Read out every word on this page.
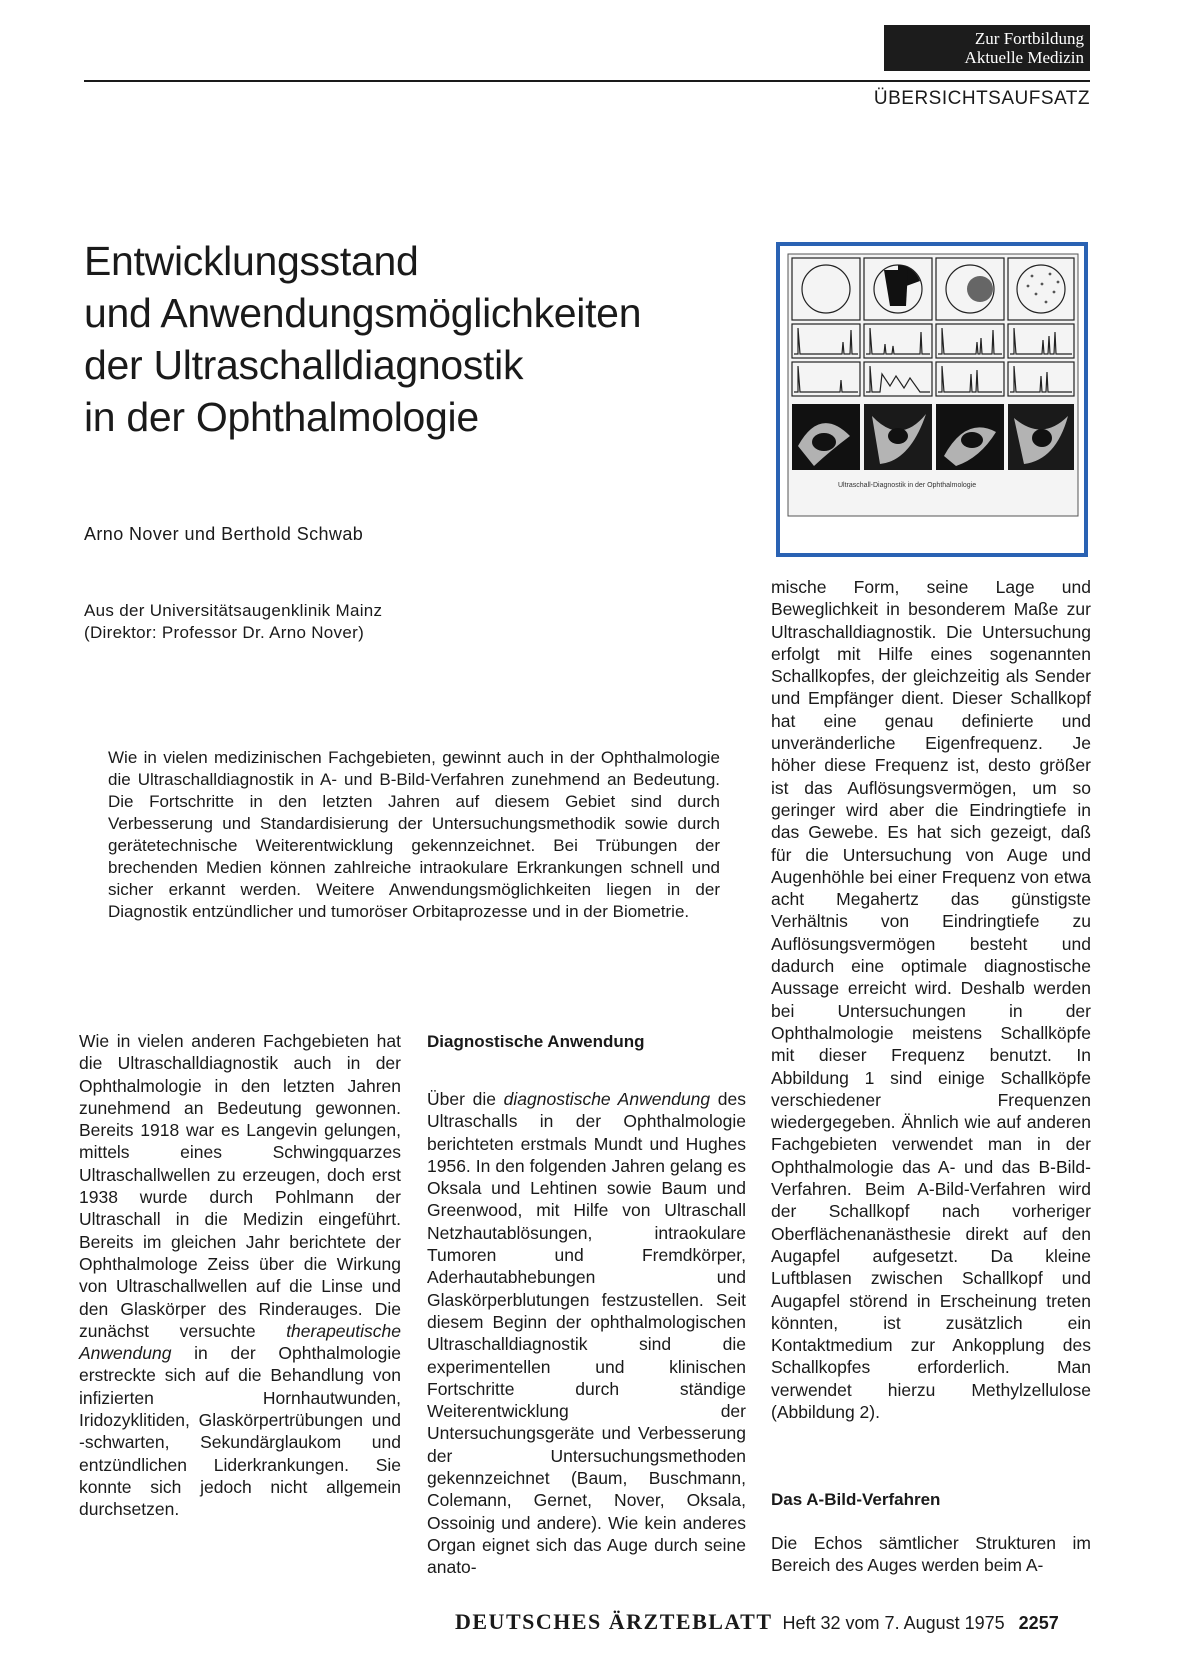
Zur Fortbildung
Aktuelle Medizin
ÜBERSICHTSAUFSATZ
Entwicklungsstand
und Anwendungsmöglichkeiten
der Ultraschalldiagnostik
in der Ophthalmologie
Arno Nover und Berthold Schwab
Aus der Universitätsaugenklinik Mainz
(Direktor: Professor Dr. Arno Nover)

Wie in vielen medizinischen Fachgebieten, gewinnt auch in der Ophthalmologie die Ultraschalldiagnostik in A- und B-Bild-Verfahren zunehmend an Bedeutung. Die Fortschritte in den letzten Jahren auf diesem Gebiet sind durch Verbesserung und Standardisierung der Untersuchungsmethodik sowie durch gerätetechnische Weiterentwicklung gekennzeichnet. Bei Trübungen der brechenden Medien können zahlreiche intraokulare Erkrankungen schnell und sicher erkannt werden. Weitere Anwendungsmöglichkeiten liegen in der Diagnostik entzündlicher und tumoröser Orbitaprozesse und in der Biometrie.

Ultraschall-Diagnostik in der Ophthalmologie

Wie in vielen anderen Fachgebieten hat die Ultraschalldiagnostik auch in der Ophthalmologie in den letzten Jahren zunehmend an Bedeutung gewonnen. Bereits 1918 war es Langevin gelungen, mittels eines Schwingquarzes Ultraschallwellen zu erzeugen, doch erst 1938 wurde durch Pohlmann der Ultraschall in die Medizin eingeführt. Bereits im gleichen Jahr berichtete der Ophthalmologe Zeiss über die Wirkung von Ultraschallwellen auf die Linse und den Glaskörper des Rinderauges. Die zunächst versuchte therapeutische Anwendung in der Ophthalmologie erstreckte sich auf die Behandlung von infizierten Hornhautwunden, Iridozyklitiden, Glaskörpertrübungen und -schwarten, Sekundärglaukom und entzündlichen Liderkrankungen. Sie konnte sich jedoch nicht allgemein durchsetzen.

Diagnostische Anwendung

Über die diagnostische Anwendung des Ultraschalls in der Ophthalmologie berichteten erstmals Mundt und Hughes 1956. In den folgenden Jahren gelang es Oksala und Lehtinen sowie Baum und Greenwood, mit Hilfe von Ultraschall Netzhautablösungen, intraokulare Tumoren und Fremdkörper, Aderhautabhebungen und Glaskörperblutungen festzustellen. Seit diesem Beginn der ophthalmologischen Ultraschalldiagnostik sind die experimentellen und klinischen Fortschritte durch ständige Weiterentwicklung der Untersuchungsgeräte und Verbesserung der Untersuchungsmethoden gekennzeichnet (Baum, Buschmann, Colemann, Gernet, Nover, Oksala, Ossoinig und andere). Wie kein anderes Organ eignet sich das Auge durch seine anato-

mische Form, seine Lage und Beweglichkeit in besonderem Maße zur Ultraschalldiagnostik. Die Untersuchung erfolgt mit Hilfe eines sogenannten Schallkopfes, der gleichzeitig als Sender und Empfänger dient. Dieser Schallkopf hat eine genau definierte und unveränderliche Eigenfrequenz. Je höher diese Frequenz ist, desto größer ist das Auflösungsvermögen, um so geringer wird aber die Eindringtiefe in das Gewebe. Es hat sich gezeigt, daß für die Untersuchung von Auge und Augenhöhle bei einer Frequenz von etwa acht Megahertz das günstigste Verhältnis von Eindringtiefe zu Auflösungsvermögen besteht und dadurch eine optimale diagnostische Aussage erreicht wird. Deshalb werden bei Untersuchungen in der Ophthalmologie meistens Schallköpfe mit dieser Frequenz benutzt. In Abbildung 1 sind einige Schallköpfe verschiedener Frequenzen wiedergegeben. Ähnlich wie auf anderen Fachgebieten verwendet man in der Ophthalmologie das A- und das B-Bild-Verfahren. Beim A-Bild-Verfahren wird der Schallkopf nach vorheriger Oberflächenanästhesie direkt auf den Augapfel aufgesetzt. Da kleine Luftblasen zwischen Schallkopf und Augapfel störend in Erscheinung treten könnten, ist zusätzlich ein Kontaktmedium zur Ankopplung des Schallkopfes erforderlich. Man verwendet hierzu Methylzellulose (Abbildung 2).

Das A-Bild-Verfahren

Die Echos sämtlicher Strukturen im Bereich des Auges werden beim A-

DEUTSCHES ÄRZTEBLATT Heft 32 vom 7. August 1975 2257
